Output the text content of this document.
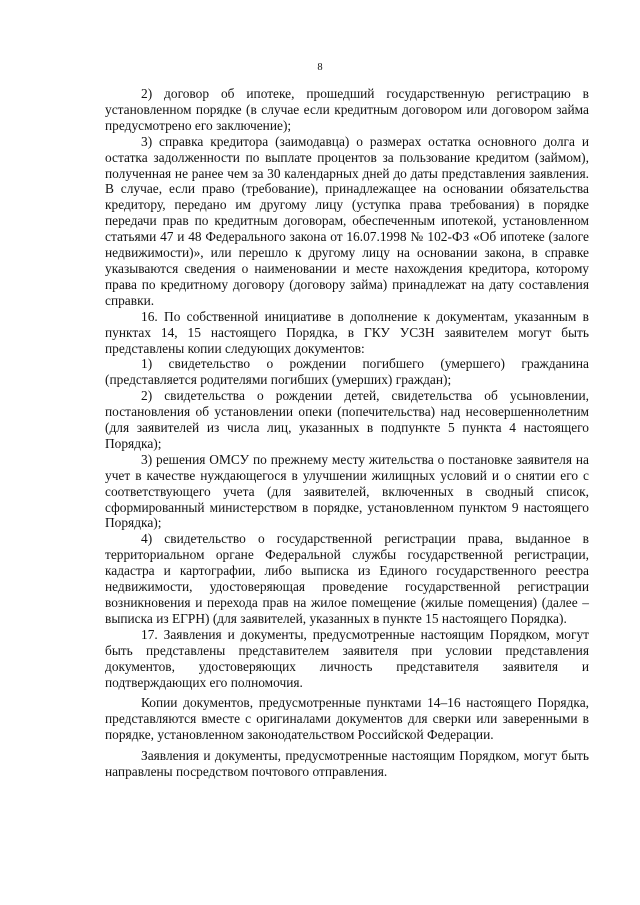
8

2) договор об ипотеке, прошедший государственную регистрацию в установленном порядке (в случае если кредитным договором или договором займа предусмотрено его заключение);

3) справка кредитора (заимодавца) о размерах остатка основного долга и остатка задолженности по выплате процентов за пользование кредитом (займом), полученная не ранее чем за 30 календарных дней до даты представления заявления. В случае, если право (требование), принадлежащее на основании обязательства кредитору, передано им другому лицу (уступка права требования) в порядке передачи прав по кредитным договорам, обеспеченным ипотекой, установленном статьями 47 и 48 Федерального закона от 16.07.1998 № 102-ФЗ «Об ипотеке (залоге недвижимости)», или перешло к другому лицу на основании закона, в справке указываются сведения о наименовании и месте нахождения кредитора, которому права по кредитному договору (договору займа) принадлежат на дату составления справки.

16. По собственной инициативе в дополнение к документам, указанным в пунктах 14, 15 настоящего Порядка, в ГКУ УСЗН заявителем могут быть представлены копии следующих документов:

1) свидетельство о рождении погибшего (умершего) гражданина (представляется родителями погибших (умерших) граждан);

2) свидетельства о рождении детей, свидетельства об усыновлении, постановления об установлении опеки (попечительства) над несовершеннолетним (для заявителей из числа лиц, указанных в подпункте 5 пункта 4 настоящего Порядка);

3) решения ОМСУ по прежнему месту жительства о постановке заявителя на учет в качестве нуждающегося в улучшении жилищных условий и о снятии его с соответствующего учета (для заявителей, включенных в сводный список, сформированный министерством в порядке, установленном пунктом 9 настоящего Порядка);

4) свидетельство о государственной регистрации права, выданное в территориальном органе Федеральной службы государственной регистрации, кадастра и картографии, либо выписка из Единого государственного реестра недвижимости, удостоверяющая проведение государственной регистрации возникновения и перехода прав на жилое помещение (жилые помещения) (далее – выписка из ЕГРН) (для заявителей, указанных в пункте 15 настоящего Порядка).

17. Заявления и документы, предусмотренные настоящим Порядком, могут быть представлены представителем заявителя при условии представления документов, удостоверяющих личность представителя заявителя и подтверждающих его полномочия.

Копии документов, предусмотренные пунктами 14–16 настоящего Порядка, представляются вместе с оригиналами документов для сверки или заверенными в порядке, установленном законодательством Российской Федерации.

Заявления и документы, предусмотренные настоящим Порядком, могут быть направлены посредством почтового отправления.
